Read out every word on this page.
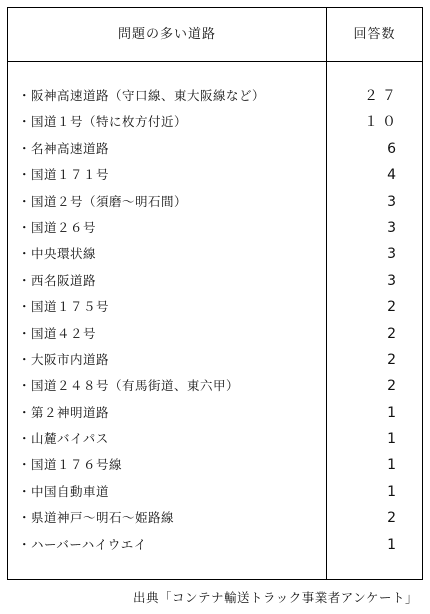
問題の多い道路	回答数
・阪神高速道路（守口線、東大阪線など）	２７
・国道１号（特に枚方付近）	１０
・名神高速道路	6
・国道１７１号	4
・国道２号（須磨～明石間）	3
・国道２６号	3
・中央環状線	3
・西名阪道路	3
・国道１７５号	2
・国道４２号	2
・大阪市内道路	2
・国道２４８号（有馬街道、東六甲）	2
・第２神明道路	1
・山麓バイパス	1
・国道１７６号線	1
・中国自動車道	1
・県道神戸～明石～姫路線	2
・ハーバーハイウエイ	1
出典「コンテナ輸送トラック事業者アンケート」
